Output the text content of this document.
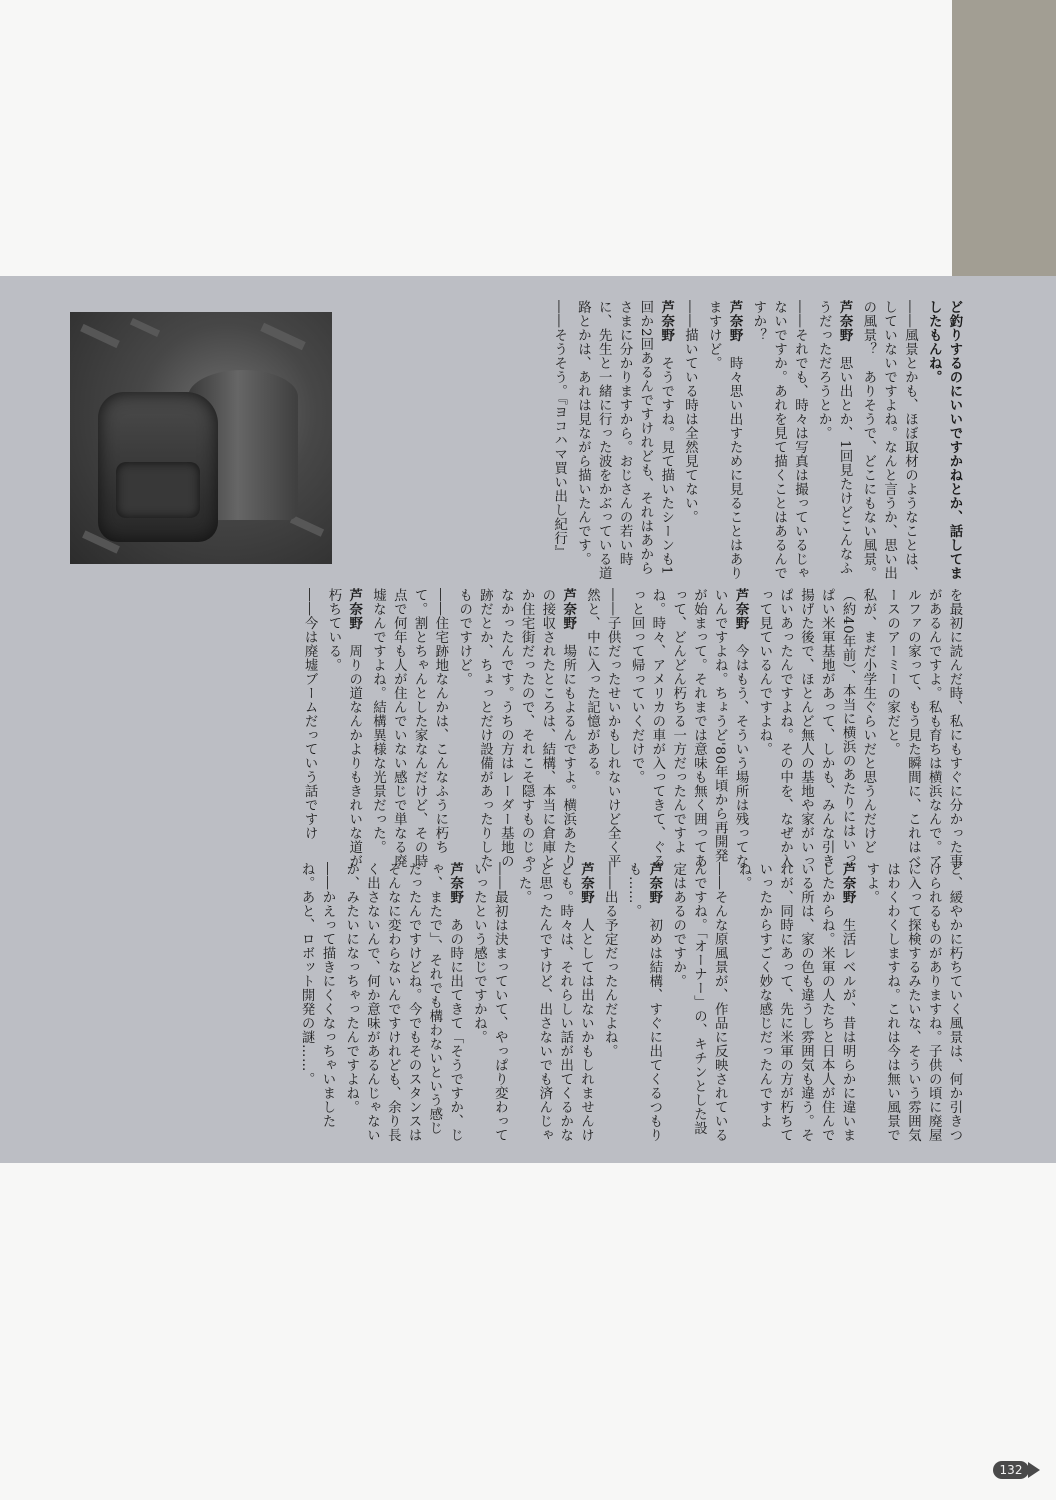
ど釣りするのにいいですかねとか、話してましたもんね。

――風景とかも、ほぼ取材のようなことは、していないですよね。なんと言うか、思い出の風景？　ありそうで、どこにもない風景。

芦奈野　思い出とか、1回見たけどこんなふうだっただろうとか。

――それでも、時々は写真は撮っているじゃないですか。あれを見て描くことはあるんですか？

芦奈野　時々思い出すために見ることはありますけど。

――描いている時は全然見てない。

芦奈野　そうですね。見て描いたシーンも1回か2回あるんですけれども、それはあからさまに分かりますから。おじさんの若い時に、先生と一緒に行った波をかぶっている道路とかは、あれは見ながら描いたんです。

――そうそう。『ヨコハマ買い出し紀行』

を最初に読んだ時、私にもすぐに分かった事があるんですよ。私も育ちは横浜なんで。アルファの家って、もう見た瞬間に、これはベースのアーミーの家だと。

私が、まだ小学生ぐらいだと思うんだけど（約40年前）、本当に横浜のあたりにはいっぱい米軍基地があって、しかも、みんな引き揚げた後で、ほとんど無人の基地や家がいっぱいあったんですよね。その中を、なぜか入って見ているんですよね。

芦奈野　今はもう、そういう場所は残ってないんですよね。ちょうど'80年頃から再開発が始まって。それまでは意味も無く囲ってあって、どんどん朽ちる一方だったんですよね。時々、アメリカの車が入ってきて、ぐるっと回って帰っていくだけで。

――子供だったせいかもしれないけど全く平然と、中に入った記憶がある。

芦奈野　場所にもよるんですよ。横浜あたりの接収されたところは、結構、本当に倉庫とか住宅街だったので、それこそ隠すものじゃなかったんです。うちの方はレーダー基地の跡だとか、ちょっとだけ設備があったりしたものですけど。

――住宅跡地なんかは、こんなふうに朽ちて。割とちゃんとした家なんだけど、その時点で何年も人が住んでいない感じで単なる廃墟なんですよね。結構異様な光景だった。

芦奈野　周りの道なんかよりもきれいな道が朽ちている。

――今は廃墟ブームだっていう話ですけ

ど、緩やかに朽ちていく風景は、何か引きつけられるものがありますね。子供の頃に廃屋に入って探検するみたいな、そういう雰囲気はわくわくしますね。これは今は無い風景ですよ。

芦奈野　生活レベルが、昔は明らかに違いましたからね。米軍の人たちと日本人が住んでいる所は、家の色も違うし雰囲気も違う。それが、同時にあって、先に米軍の方が朽ちていったからすごく妙な感じだったんですよね。

――そんな原風景が、作品に反映されているんですね。「オーナー」の、キチンとした設定はあるのですか。

芦奈野　初めは結構、すぐに出てくるつもりも……。

――出る予定だったんだよね。

芦奈野　人としては出ないかもしれませんけども。時々は、それらしい話が出てくるかなと思ったんですけど、出さないでも済んじゃった。

――最初は決まっていて、やっぱり変わっていったという感じですかね。

芦奈野　あの時に出てきて「そうですか、じゃ、またで」、それでも構わないという感じだったんですけどね。今でもそのスタンスはそんなに変わらないんですけれども、余り長く出さないんで、何か意味があるんじゃないか、みたいになっちゃったんですよね。

――かえって描きにくくなっちゃいましたね。あと、ロボット開発の謎……。

132
